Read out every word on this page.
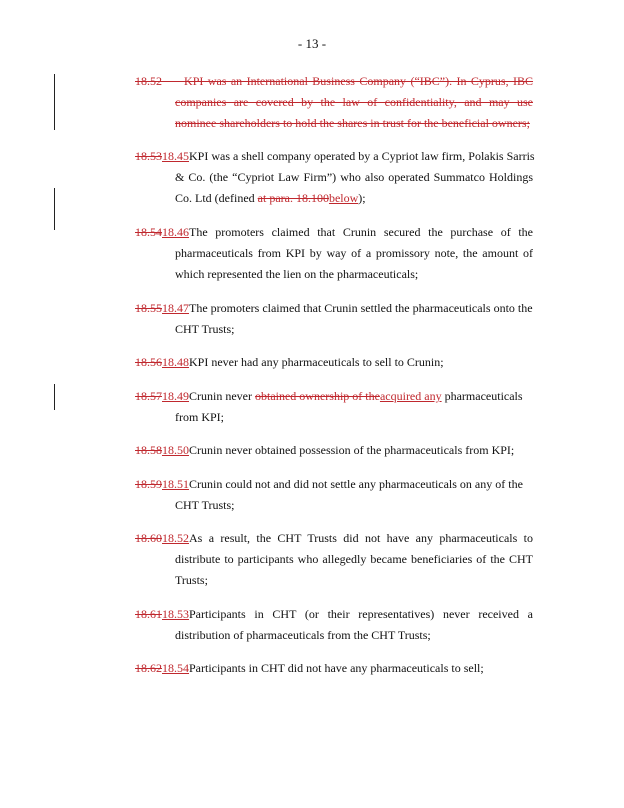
- 13 -
18.52 KPI was an International Business Company (“IBC”). In Cyprus, IBC
companies are covered by the law of confidentiality, and may use
nominee shareholders to hold the shares in trust for the beneficial owners;
18.5318.45KPI was a shell company operated by a Cypriot law firm, Polakis Sarris
& Co. (the “Cypriot Law Firm”) who also operated Summatco Holdings
Co. Ltd (defined at para. 18.100below);
18.54 18.46 The promoters claimed that Crunin secured the purchase of the
pharmaceuticals from KPI by way of a promissory note, the amount of
which represented the lien on the pharmaceuticals;
18.5518.47The promoters claimed that Crunin settled the pharmaceuticals onto the
CHT Trusts;
18.5618.48KPI never had any pharmaceuticals to sell to Crunin;
18.5718.49Crunin never obtained ownership of theacquired any pharmaceuticals
from KPI;
18.5818.50Crunin never obtained possession of the pharmaceuticals from KPI;
18.5918.51Crunin could not and did not settle any pharmaceuticals on any of the
CHT Trusts;
18.60 18.52 As a result, the CHT Trusts did not have any pharmaceuticals to
distribute to participants who allegedly became beneficiaries of the CHT
Trusts;
18.61 18.53 Participants in CHT (or their representatives) never received a
distribution of pharmaceuticals from the CHT Trusts;
18.6218.54Participants in CHT did not have any pharmaceuticals to sell;
